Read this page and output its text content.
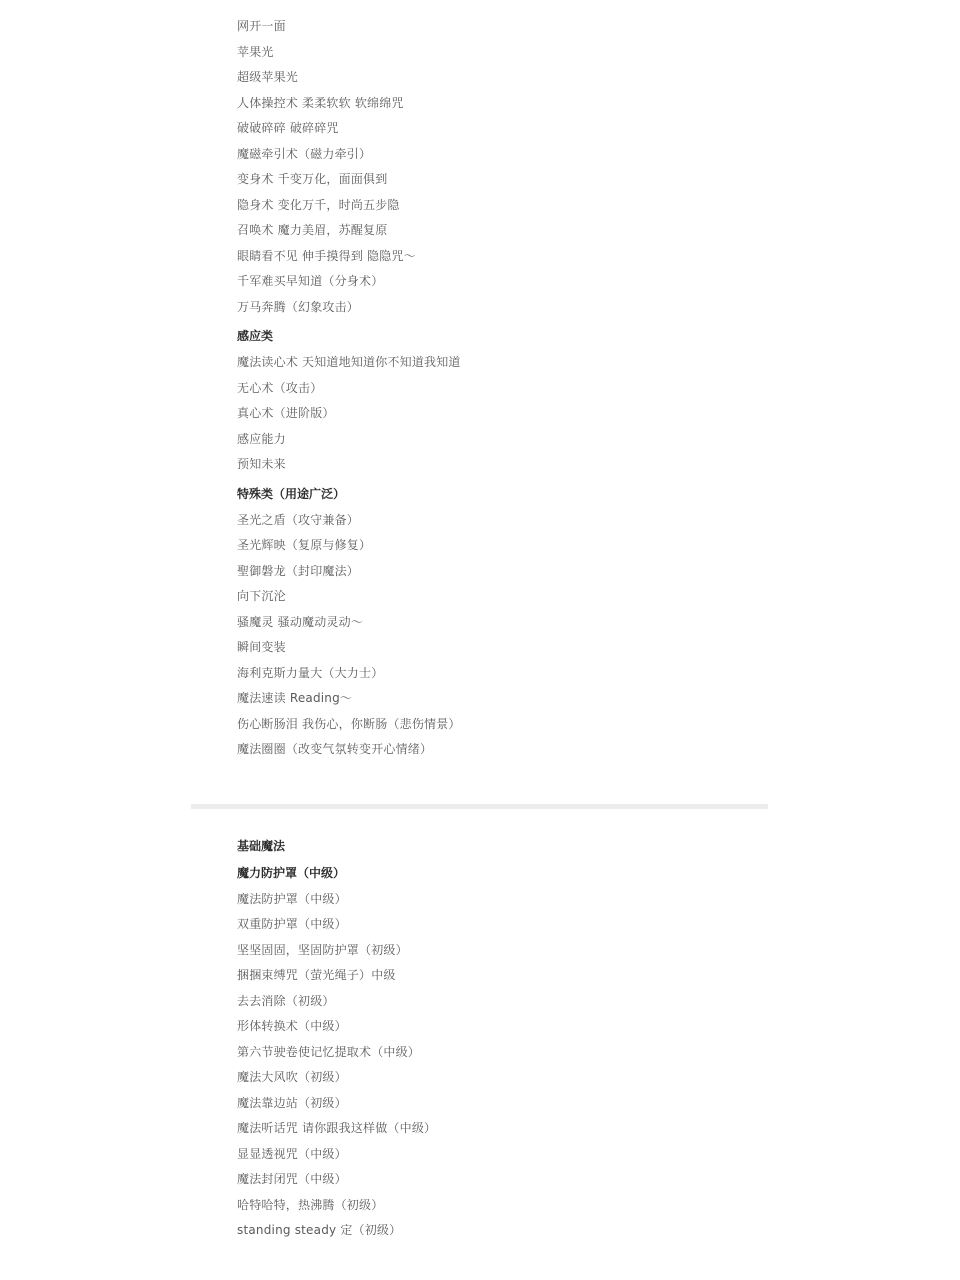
网开一面
苹果光
超级苹果光
人体操控术 柔柔软软 软绵绵咒
破破碎碎 破碎碎咒
魔磁牵引术（磁力牵引）
变身术 千变万化，面面俱到
隐身术 变化万千，时尚五步隐
召唤术 魔力美眉，苏醒复原
眼睛看不见 伸手摸得到 隐隐咒～
千军难买早知道（分身术）
万马奔腾（幻象攻击）
感应类
魔法读心术 天知道地知道你不知道我知道
无心术（攻击）
真心术（进阶版）
感应能力
预知未来
特殊类（用途广泛）
圣光之盾（攻守兼备）
圣光辉映（复原与修复）
聖御磐龙（封印魔法）
向下沉沦
骚魔灵 骚动魔动灵动～
瞬间变装
海利克斯力量大（大力士）
魔法速读 Reading～
伤心断肠泪 我伤心，你断肠（悲伤情景）
魔法圈圈（改变气氛转变开心情绪）
基础魔法
魔力防护罩（中级）
魔法防护罩（中级）
双重防护罩（中级）
坚坚固固，坚固防护罩（初级）
捆捆束缚咒（萤光绳子）中级
去去消除（初级）
形体转换术（中级）
第六节驶卷使记忆提取术（中级）
魔法大风吹（初级）
魔法靠边站（初级）
魔法听话咒 请你跟我这样做（中级）
显显透视咒（中级）
魔法封闭咒（中级）
哈特哈特，热沸腾（初级）
standing steady 定（初级）
